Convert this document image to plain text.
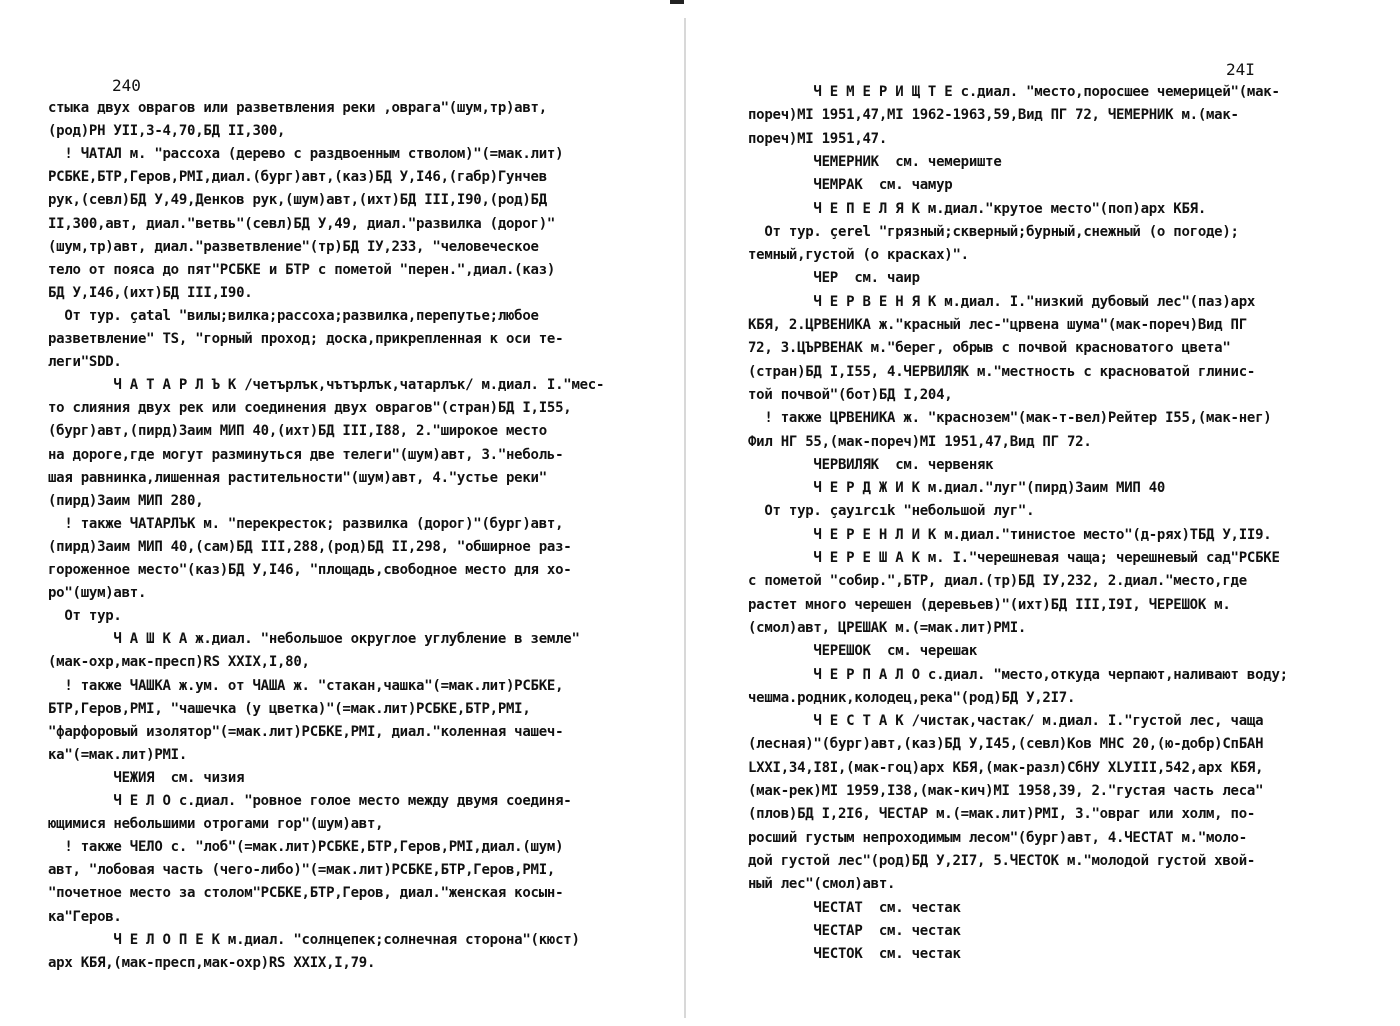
240
стыка двух оврагов или разветвления реки ,оврага"(шум,тр)авт,
(род)РН УII,3-4,70,БД II,300,
! ЧАТАЛ м. "рассоха (дерево с раздвоенным стволом)"(=мак.лит)
РСБКЕ,БТР,Геров,РМI,диал.(бург)авт,(каз)БД У,I46,(габр)Гунчев
рук,(севл)БД У,49,Денков рук,(шум)авт,(ихт)БД III,I90,(род)БД
II,300,авт, диал."ветвь"(севл)БД У,49, диал."развилка (дорог)"
(шум,тр)авт, диал."разветвление"(тр)БД IУ,233, "человеческое
тело от пояса до пят"РСБКЕ и БТР с пометой "перен.",диал.(каз)
БД У,I46,(ихт)БД III,I90.
От тур. çatal "вилы;вилка;рассоха;развилка,перепутье;любое
разветвление" TS, "горный проход; доска,прикрепленная к оси те-
леги"SDD.
Ч А Т А Р Л Ъ К /четърлък,чътърлък,чатарлък/ м.диал. I."мес-
то слияния двух рек или соединения двух оврагов"(стран)БД I,I55,
(бург)авт,(пирд)Заим МИП 40,(ихт)БД III,I88, 2."широкое место
на дороге,где могут разминуться две телеги"(шум)авт, 3."неболь-
шая равнинка,лишенная растительности"(шум)авт, 4."устье реки"
(пирд)Заим МИП 280,
! также ЧАТАРЛЪК м. "перекресток; развилка (дорог)"(бург)авт,
(пирд)Заим МИП 40,(сам)БД III,288,(род)БД II,298, "обширное раз-
гороженное место"(каз)БД У,I46, "площадь,свободное место для хо-
ро"(шум)авт.
От тур.
Ч А Ш К А ж.диал. "небольшое округлое углубление в земле"
(мак-охр,мак-пресп)RS XXIX,I,80,
! также ЧАШКА ж.ум. от ЧАША ж. "стакан,чашка"(=мак.лит)РСБКЕ,
БТР,Геров,РМI, "чашечка (у цветка)"(=мак.лит)РСБКЕ,БТР,РМI,
"фарфоровый изолятор"(=мак.лит)РСБКЕ,РМI, диал."коленная чашеч-
ка"(=мак.лит)РМI.
ЧЕЖИЯ  см. чизия
Ч Е Л О с.диал. "ровное голое место между двумя соединя-
ющимися небольшими отрогами гор"(шум)авт,
! также ЧЕЛО с. "лоб"(=мак.лит)РСБКЕ,БТР,Геров,РМI,диал.(шум)
авт, "лобовая часть (чего-либо)"(=мак.лит)РСБКЕ,БТР,Геров,РМI,
"почетное место за столом"РСБКЕ,БТР,Геров, диал."женская косын-
ка"Геров.
Ч Е Л О П Е К м.диал. "солнцепек;солнечная сторона"(кюст)
арх КБЯ,(мак-пресп,мак-охр)RS XXIX,I,79.
24I
Ч Е М Е Р И Щ Т Е с.диал. "место,поросшее чемерицей"(мак-
пореч)МI 1951,47,МI 1962-1963,59,Вид ПГ 72, ЧЕМЕРНИК м.(мак-
пореч)МI 1951,47.
ЧЕМЕРНИК  см. чемериште
ЧЕМРАК  см. чамур
Ч Е П Е Л Я К м.диал."крутое место"(поп)арх КБЯ.
От тур. çerel "грязный;скверный;бурный,снежный (о погоде);
темный,густой (о красках)".
ЧЕР  см. чаир
Ч Е Р В Е Н Я К м.диал. I."низкий дубовый лес"(паз)арх
КБЯ, 2.ЦРВЕНИКА ж."красный лес-"црвена шума"(мак-пореч)Вид ПГ
72, 3.ЦЪРВЕНАК м."берег, обрыв с почвой красноватого цвета"
(стран)БД I,I55, 4.ЧЕРВИЛЯК м."местность с красноватой глинис-
той почвой"(бот)БД I,204,
! также ЦРВЕНИКА ж. "краснозем"(мак-т-вел)Рейтер I55,(мак-нег)
Фил НГ 55,(мак-пореч)МI 1951,47,Вид ПГ 72.
ЧЕРВИЛЯК  см. червеняк
Ч Е Р Д Ж И К м.диал."луг"(пирд)Заим МИП 40
От тур. çayırcık "небольшой луг".
Ч Е Р Е Н Л И К м.диал."тинистое место"(д-рях)ТБД У,II9.
Ч Е Р Е Ш А К м. I."черешневая чаща; черешневый сад"РСБКЕ
с пометой "собир.",БТР, диал.(тр)БД IУ,232, 2.диал."место,где
растет много черешен (деревьев)"(ихт)БД III,I9I, ЧЕРЕШОК м.
(смол)авт, ЦРЕШАК м.(=мак.лит)РМI.
ЧЕРЕШОК  см. черешак
Ч Е Р П А Л О с.диал. "место,откуда черпают,наливают воду;
чешма.родник,колодец,река"(род)БД У,2I7.
Ч Е С Т А К /чистак,частак/ м.диал. I."густой лес, чаща
(лесная)"(бург)авт,(каз)БД У,I45,(севл)Ков МНС 20,(ю-добр)СпБАН
LXXI,34,I8I,(мак-гоц)арх КБЯ,(мак-разл)СбНУ XLУIII,542,арх КБЯ,
(мак-рек)МI 1959,I38,(мак-кич)МI 1958,39, 2."густая часть леса"
(плов)БД I,2I6, ЧЕСТАР м.(=мак.лит)РМI, 3."овраг или холм, по-
росший густым непроходимым лесом"(бург)авт, 4.ЧЕСТАТ м."моло-
дой густой лес"(род)БД У,2I7, 5.ЧЕСТОК м."молодой густой хвой-
ный лес"(смол)авт.
ЧЕСТАТ  см. честак
ЧЕСТАР  см. честак
ЧЕСТОК  см. честак
